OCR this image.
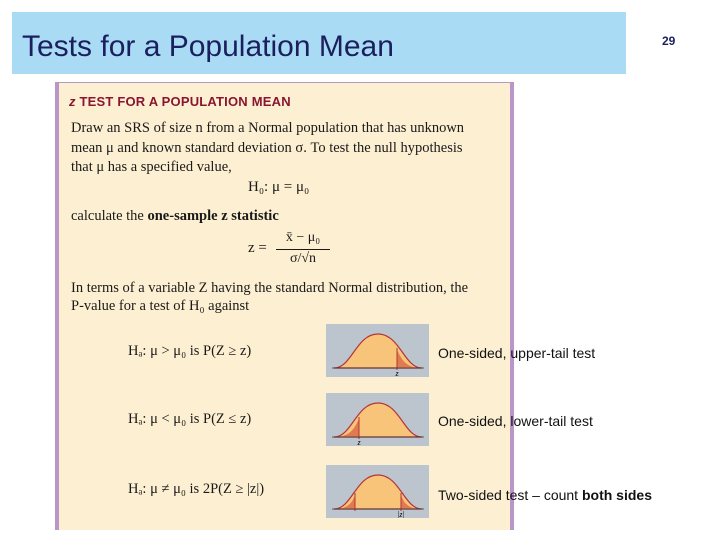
Tests for a Population Mean	29
z TEST FOR A POPULATION MEAN
Draw an SRS of size n from a Normal population that has unknown
mean μ and known standard deviation σ. To test the null hypothesis
that μ has a specified value,
H₀: μ = μ₀
calculate the one-sample z statistic
z =
x̄ − μ₀
σ/√n
In terms of a variable Z having the standard Normal distribution, the
P-value for a test of H₀ against
Hₐ: μ > μ₀ is P(Z ≥ z)
z
One-sided, upper-tail test
Hₐ: μ < μ₀ is P(Z ≤ z)
z
One-sided, lower-tail test
Hₐ: μ ≠ μ₀ is 2P(Z ≥ |z|)
|z|
Two-sided test – count both sides
